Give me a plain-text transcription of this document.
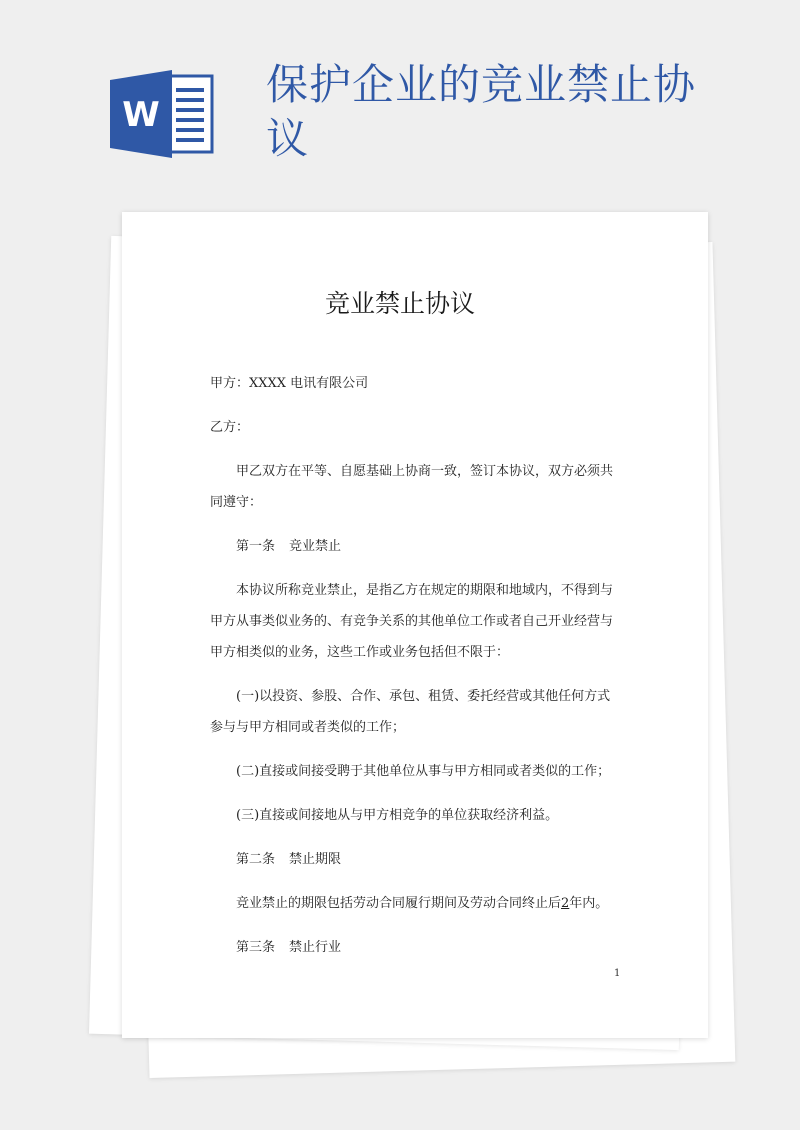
W
保护企业的竞业禁止协议
竞业禁止协议

甲方：XXXX 电讯有限公司

乙方：

甲乙双方在平等、自愿基础上协商一致，签订本协议，双方必须共同遵守：

第一条 竞业禁止

本协议所称竞业禁止，是指乙方在规定的期限和地域内，不得到与甲方从事类似业务的、有竞争关系的其他单位工作或者自己开业经营与甲方相类似的业务，这些工作或业务包括但不限于：

(一)以投资、参股、合作、承包、租赁、委托经营或其他任何方式参与与甲方相同或者类似的工作；

(二)直接或间接受聘于其他单位从事与甲方相同或者类似的工作；

(三)直接或间接地从与甲方相竞争的单位获取经济利益。

第二条 禁止期限

竞业禁止的期限包括劳动合同履行期间及劳动合同终止后2年内。

第三条 禁止行业

1
